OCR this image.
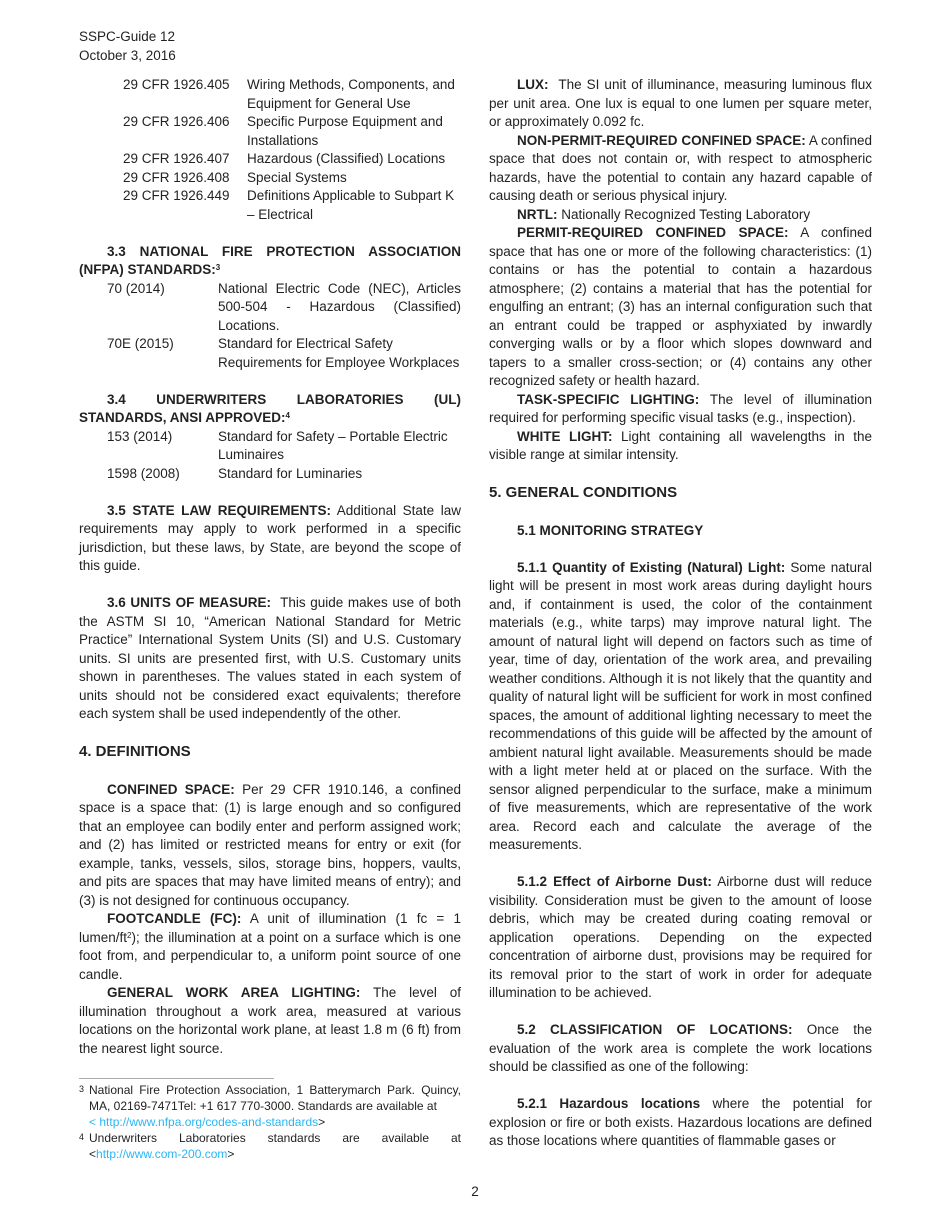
SSPC-Guide 12
October 3, 2016
29 CFR 1926.405	Wiring Methods, Components, and Equipment for General Use
29 CFR 1926.406	Specific Purpose Equipment and Installations
29 CFR 1926.407	Hazardous (Classified) Locations
29 CFR 1926.408	Special Systems
29 CFR 1926.449	Definitions Applicable to Subpart K – Electrical

3.3 NATIONAL FIRE PROTECTION ASSOCIATION (NFPA) STANDARDS:$^3$

70 (2014)	National Electric Code (NEC), Articles 500-504 - Hazardous (Classified) Locations.
70E (2015)	Standard for Electrical Safety Requirements for Employee Workplaces

3.4 UNDERWRITERS LABORATORIES (UL) STANDARDS, ANSI APPROVED:$^4$

153 (2014)	Standard for Safety – Portable Electric Luminaires
1598 (2008)	Standard for Luminaries

3.5 STATE LAW REQUIREMENTS: Additional State law requirements may apply to work performed in a specific jurisdiction, but these laws, by State, are beyond the scope of this guide.

3.6 UNITS OF MEASURE: This guide makes use of both the ASTM SI 10, “American National Standard for Metric Practice” International System Units (SI) and U.S. Customary units. SI units are presented first, with U.S. Customary units shown in parentheses. The values stated in each system of units should not be considered exact equivalents; therefore each system shall be used independently of the other.

4. DEFINITIONS

CONFINED SPACE: Per 29 CFR 1910.146, a confined space is a space that: (1) is large enough and so configured that an employee can bodily enter and perform assigned work; and (2) has limited or restricted means for entry or exit (for example, tanks, vessels, silos, storage bins, hoppers, vaults, and pits are spaces that may have limited means of entry); and (3) is not designed for continuous occupancy.

FOOTCANDLE (FC): A unit of illumination (1 fc = 1 lumen/$ft^2$); the illumination at a point on a surface which is one foot from, and perpendicular to, a uniform point source of one candle.

GENERAL WORK AREA LIGHTING: The level of illumination throughout a work area, measured at various locations on the horizontal work plane, at least 1.8 m (6 ft) from the nearest light source.

3 National Fire Protection Association, 1 Batterymarch Park. Quincy, MA, 02169-7471Tel: +1 617 770-3000. Standards are available at
< http://www.nfpa.org/codes-and-standards>
4 Underwriters Laboratories standards are available at <http://www.com-200.com>

LUX: The SI unit of illuminance, measuring luminous flux per unit area. One lux is equal to one lumen per square meter, or approximately 0.092 fc.

NON-PERMIT-REQUIRED CONFINED SPACE: A confined space that does not contain or, with respect to atmospheric hazards, have the potential to contain any hazard capable of causing death or serious physical injury.

NRTL: Nationally Recognized Testing Laboratory

PERMIT-REQUIRED CONFINED SPACE: A confined space that has one or more of the following characteristics: (1) contains or has the potential to contain a hazardous atmosphere; (2) contains a material that has the potential for engulfing an entrant; (3) has an internal configuration such that an entrant could be trapped or asphyxiated by inwardly converging walls or by a floor which slopes downward and tapers to a smaller cross-section; or (4) contains any other recognized safety or health hazard.

TASK-SPECIFIC LIGHTING: The level of illumination required for performing specific visual tasks (e.g., inspection).

WHITE LIGHT: Light containing all wavelengths in the visible range at similar intensity.

5. GENERAL CONDITIONS

5.1 MONITORING STRATEGY

5.1.1 Quantity of Existing (Natural) Light: Some natural light will be present in most work areas during daylight hours and, if containment is used, the color of the containment materials (e.g., white tarps) may improve natural light. The amount of natural light will depend on factors such as time of year, time of day, orientation of the work area, and prevailing weather conditions. Although it is not likely that the quantity and quality of natural light will be sufficient for work in most confined spaces, the amount of additional lighting necessary to meet the recommendations of this guide will be affected by the amount of ambient natural light available. Measurements should be made with a light meter held at or placed on the surface. With the sensor aligned perpendicular to the surface, make a minimum of five measurements, which are representative of the work area. Record each and calculate the average of the measurements.

5.1.2 Effect of Airborne Dust: Airborne dust will reduce visibility. Consideration must be given to the amount of loose debris, which may be created during coating removal or application operations. Depending on the expected concentration of airborne dust, provisions may be required for its removal prior to the start of work in order for adequate illumination to be achieved.

5.2 CLASSIFICATION OF LOCATIONS: Once the evaluation of the work area is complete the work locations should be classified as one of the following:

5.2.1 Hazardous locations where the potential for explosion or fire or both exists. Hazardous locations are defined as those locations where quantities of flammable gases or

2
